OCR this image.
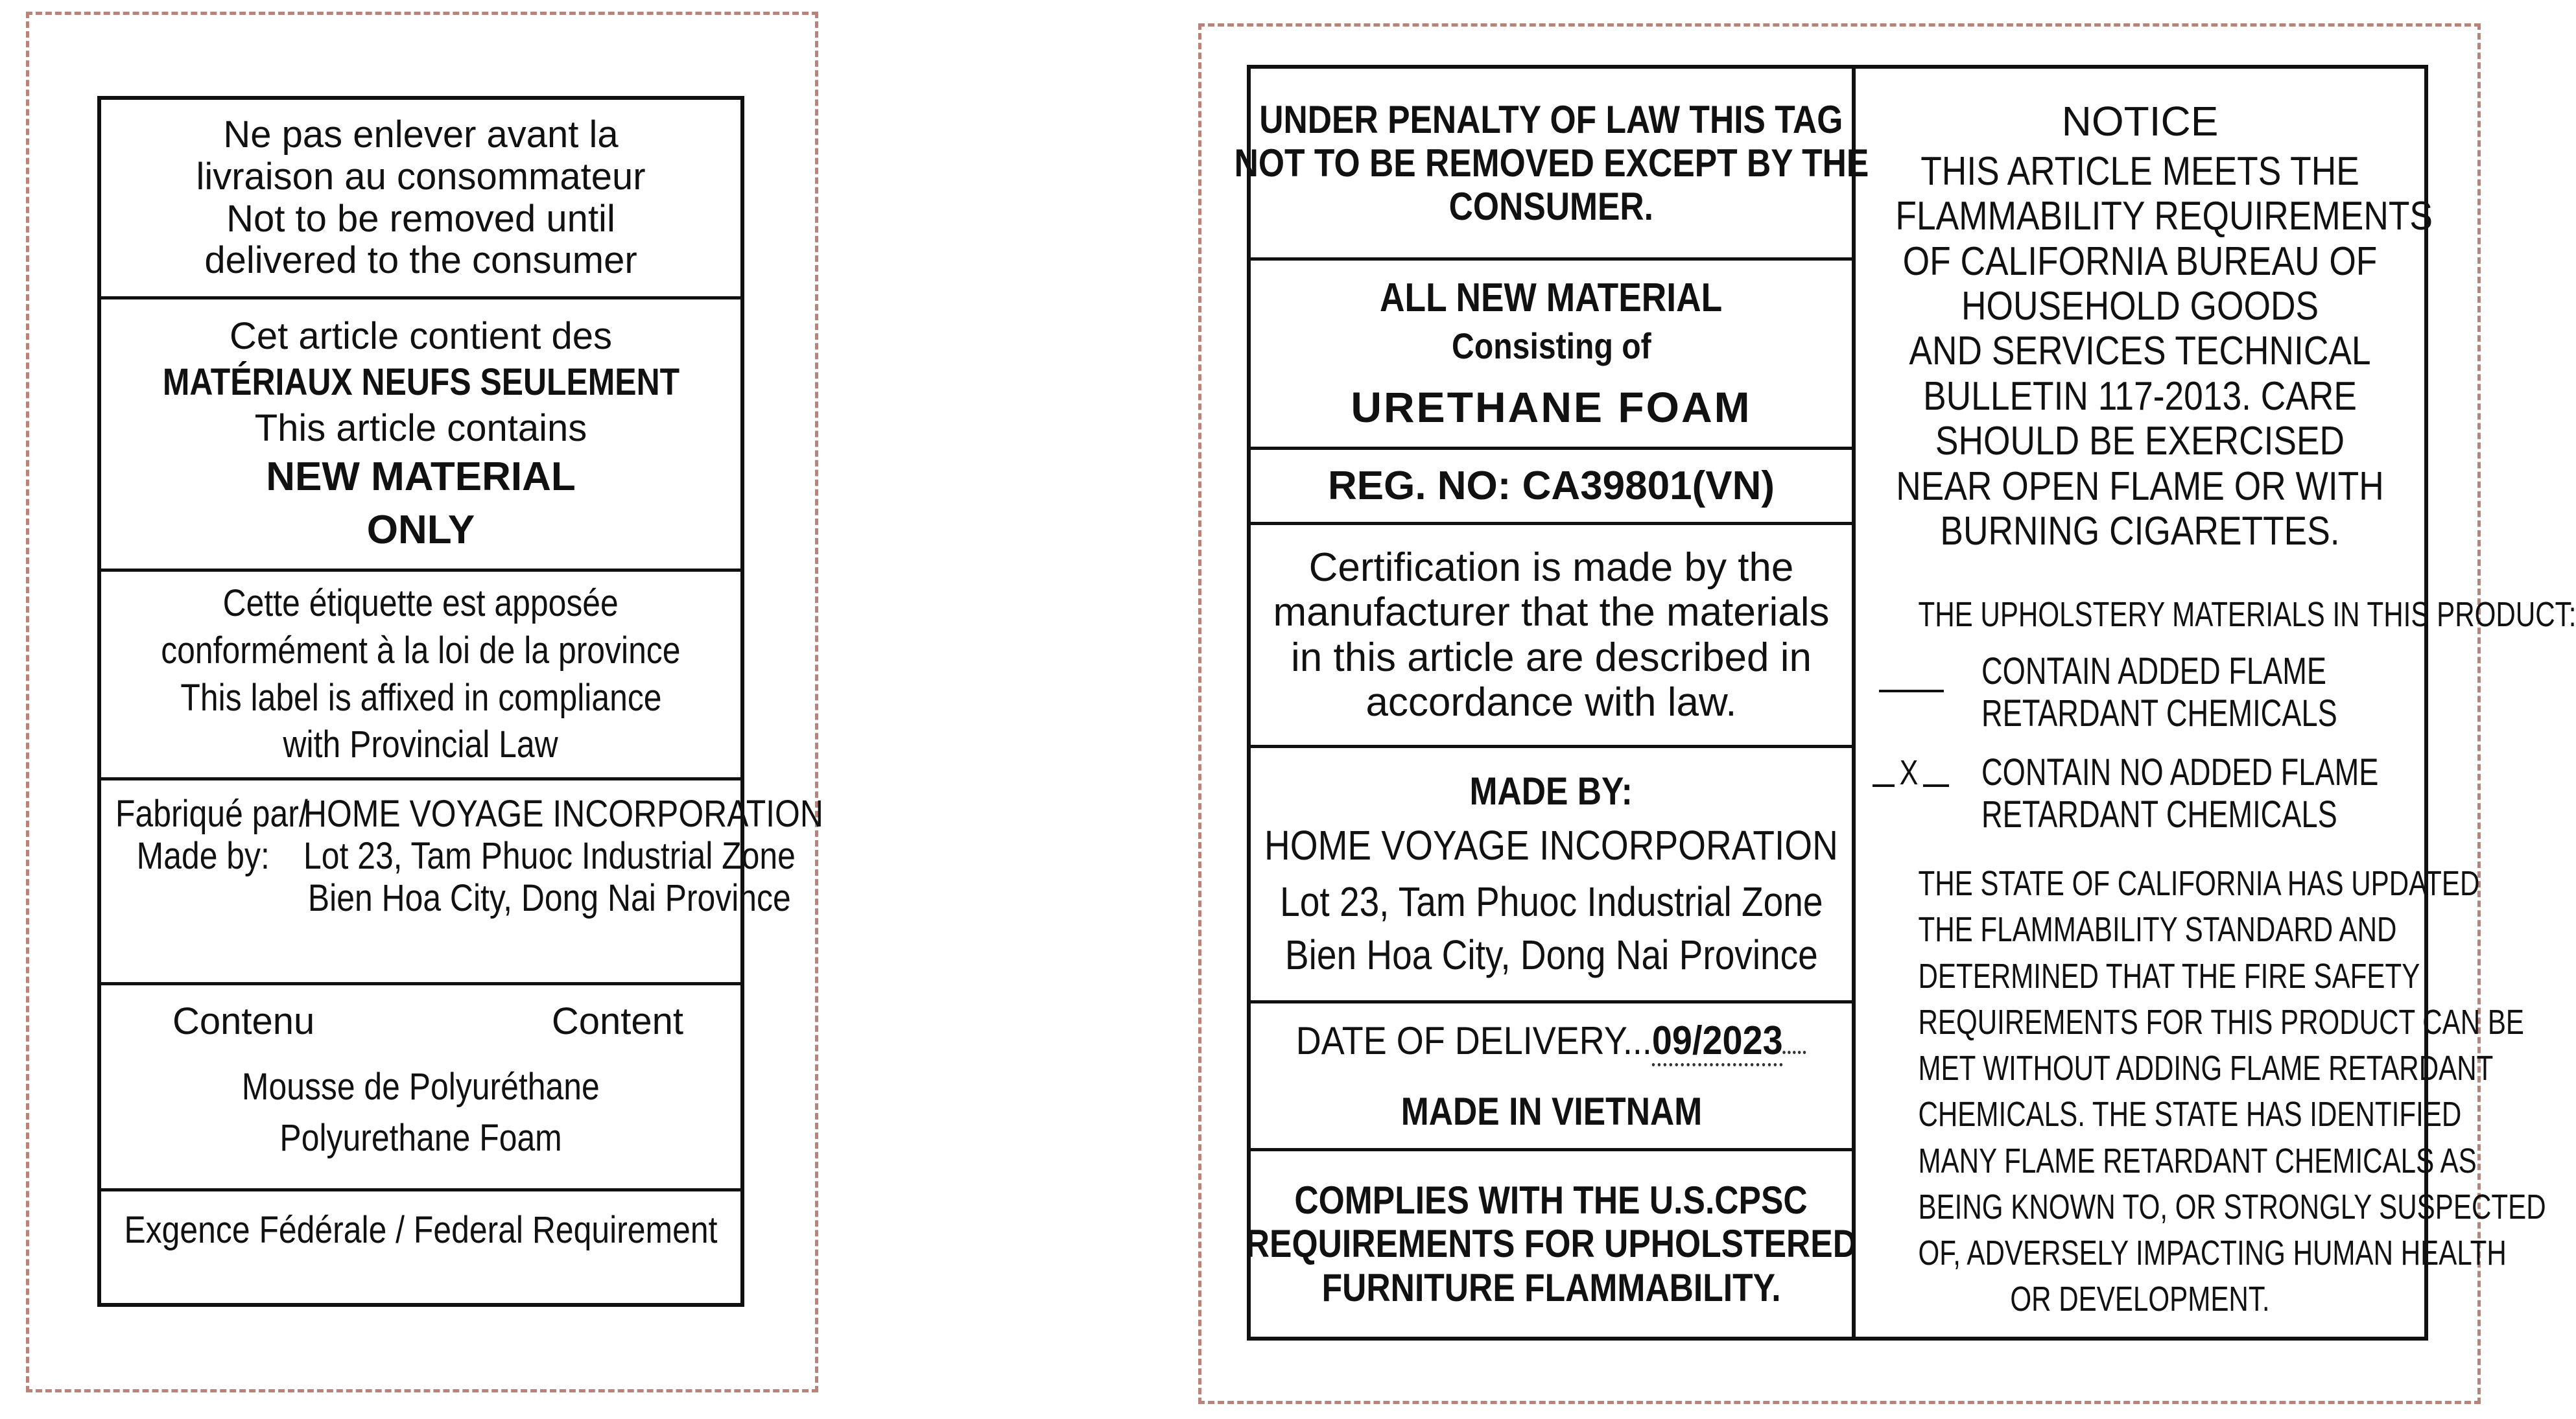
Ne pas enlever avant la
livraison au consommateur
Not to be removed until
delivered to the consumer
Cet article contient des
MATÉRIAUX NEUFS SEULEMENT
This article contains
NEW MATERIAL
ONLY
Cette étiquette est apposée
conformément à la loi de la province
This label is affixed in compliance
with Provincial Law
Fabriqué par/
Made by:
HOME VOYAGE INCORPORATION
Lot 23, Tam Phuoc Industrial Zone
Bien Hoa City, Dong Nai Province
Contenu	Content
Mousse de Polyuréthane
Polyurethane Foam
Exgence Fédérale / Federal Requirement
UNDER PENALTY OF LAW THIS TAG
NOT TO BE REMOVED EXCEPT BY THE
CONSUMER.
ALL NEW MATERIAL
Consisting of
URETHANE FOAM
REG. NO: CA39801(VN)
Certification is made by the
manufacturer that the materials
in this article are described in
accordance with law.
MADE BY:
HOME VOYAGE INCORPORATION
Lot 23, Tam Phuoc Industrial Zone
Bien Hoa City, Dong Nai Province
DATE OF DELIVERY...09/2023
MADE IN VIETNAM
COMPLIES WITH THE U.S.CPSC
REQUIREMENTS FOR UPHOLSTERED
FURNITURE FLAMMABILITY.
NOTICE
THIS ARTICLE MEETS THE
FLAMMABILITY REQUIREMENTS
OF CALIFORNIA BUREAU OF
HOUSEHOLD GOODS
AND SERVICES TECHNICAL
BULLETIN 117-2013. CARE
SHOULD BE EXERCISED
NEAR OPEN FLAME OR WITH
BURNING CIGARETTES.
THE UPHOLSTERY MATERIALS IN THIS PRODUCT:
CONTAIN ADDED FLAME
RETARDANT CHEMICALS
X	CONTAIN NO ADDED FLAME
RETARDANT CHEMICALS
THE STATE OF CALIFORNIA HAS UPDATED
THE FLAMMABILITY STANDARD AND
DETERMINED THAT THE FIRE SAFETY
REQUIREMENTS FOR THIS PRODUCT CAN BE
MET WITHOUT ADDING FLAME RETARDANT
CHEMICALS. THE STATE HAS IDENTIFIED
MANY FLAME RETARDANT CHEMICALS AS
BEING KNOWN TO, OR STRONGLY SUSPECTED
OF, ADVERSELY IMPACTING HUMAN HEALTH
OR DEVELOPMENT.
